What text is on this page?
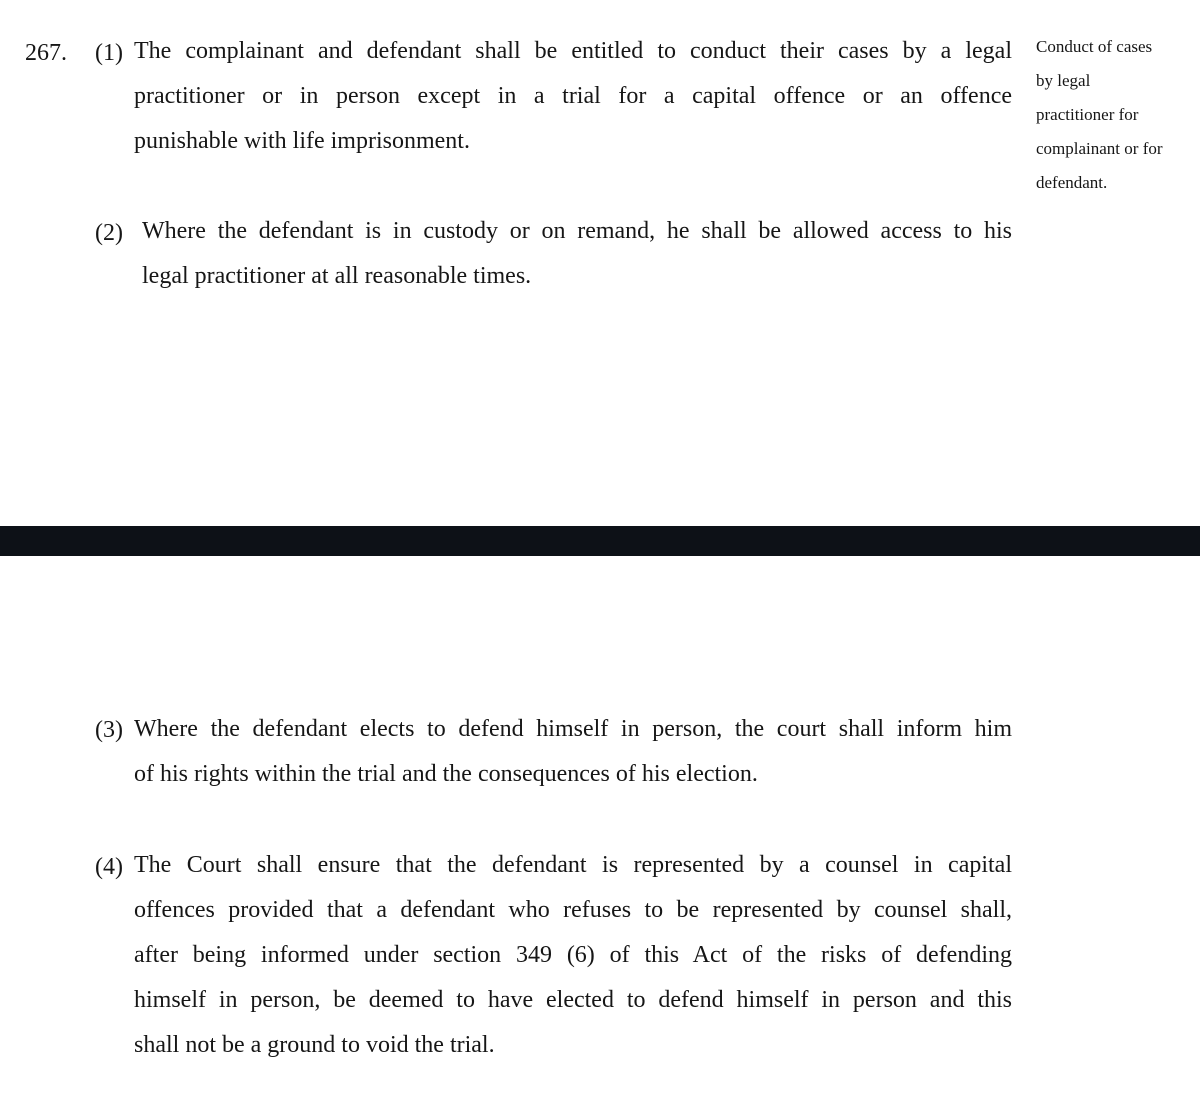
267. (1) The complainant and defendant shall be entitled to conduct their cases by a legal
practitioner or in person except in a trial for a capital offence or an offence
punishable with life imprisonment.
Conduct of cases
by legal
practitioner for
complainant or for
defendant.
(2) Where the defendant is in custody or on remand, he shall be allowed access to his
legal practitioner at all reasonable times.
(3) Where the defendant elects to defend himself in person, the court shall inform him
of his rights within the trial and the consequences of his election.
(4) The Court shall ensure that the defendant is represented by a counsel in capital
offences provided that a defendant who refuses to be represented by counsel shall,
after being informed under section 349 (6) of this Act of the risks of defending
himself in person, be deemed to have elected to defend himself in person and this
shall not be a ground to void the trial.
